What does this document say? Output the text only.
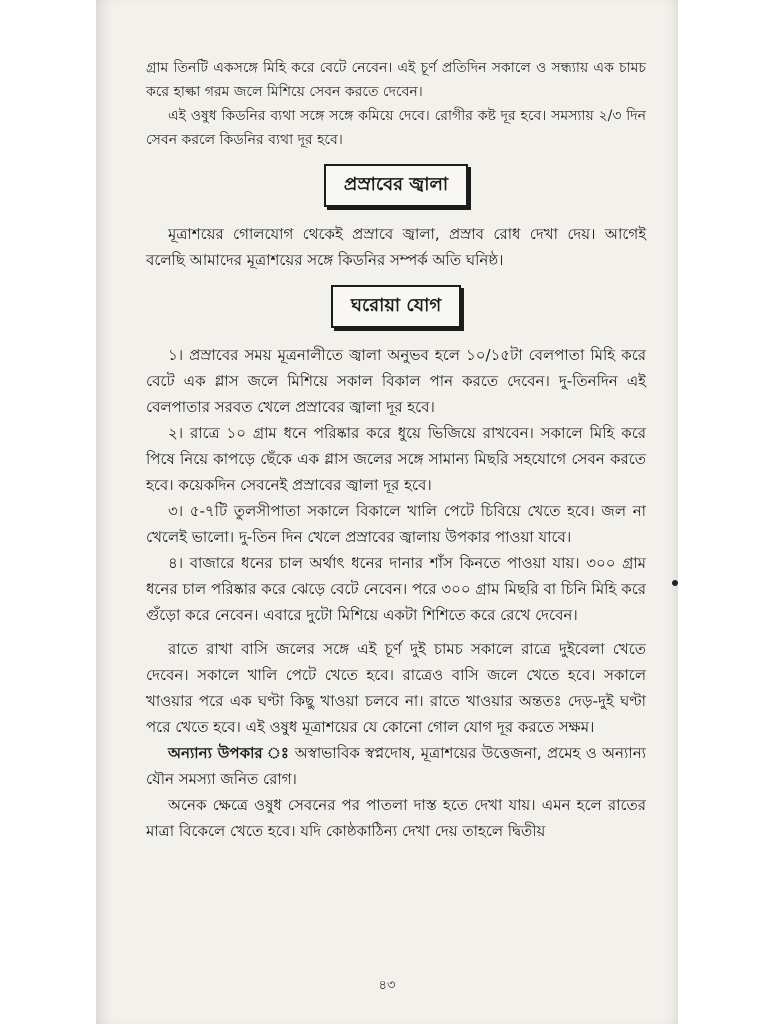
গ্রাম তিনটি একসঙ্গে মিহি করে বেটে নেবেন। এই চূর্ণ প্রতিদিন সকালে ও সন্ধ্যায় এক চামচ করে হাল্কা গরম জলে মিশিয়ে সেবন করতে দেবেন।

এই ওষুধ কিডনির ব্যথা সঙ্গে সঙ্গে কমিয়ে দেবে। রোগীর কষ্ট দূর হবে। সমস্যায় ২/৩ দিন সেবন করলে কিডনির ব্যথা দূর হবে।

প্রস্রাবের জ্বালা

মূত্রাশয়ের গোলযোগ থেকেই প্রস্রাবে জ্বালা, প্রস্রাব রোধ দেখা দেয়। আগেই বলেছি আমাদের মূত্রাশয়ের সঙ্গে কিডনির সম্পর্ক অতি ঘনিষ্ঠ।

ঘরোয়া যোগ

১। প্রস্রাবের সময় মূত্রনালীতে জ্বালা অনুভব হলে ১০/১৫টা বেলপাতা মিহি করে বেটে এক গ্লাস জলে মিশিয়ে সকাল বিকাল পান করতে দেবেন। দু-তিনদিন এই বেলপাতার সরবত খেলে প্রস্রাবের জ্বালা দূর হবে।

২। রাত্রে ১০ গ্রাম ধনে পরিষ্কার করে ধুয়ে ভিজিয়ে রাখবেন। সকালে মিহি করে পিষে নিয়ে কাপড়ে ছেঁকে এক গ্লাস জলের সঙ্গে সামান্য মিছরি সহযোগে সেবন করতে হবে। কয়েকদিন সেবনেই প্রস্রাবের জ্বালা দূর হবে।

৩। ৫-৭টি তুলসীপাতা সকালে বিকালে খালি পেটে চিবিয়ে খেতে হবে। জল না খেলেই ভালো। দু-তিন দিন খেলে প্রস্রাবের জ্বালায় উপকার পাওয়া যাবে।

৪। বাজারে ধনের চাল অর্থাৎ ধনের দানার শাঁস কিনতে পাওয়া যায়। ৩০০ গ্রাম ধনের চাল পরিষ্কার করে ঝেড়ে বেটে নেবেন। পরে ৩০০ গ্রাম মিছরি বা চিনি মিহি করে গুঁড়ো করে নেবেন। এবারে দুটো মিশিয়ে একটা শিশিতে করে রেখে দেবেন।

রাতে রাখা বাসি জলের সঙ্গে এই চূর্ণ দুই চামচ সকালে রাত্রে দুইবেলা খেতে দেবেন। সকালে খালি পেটে খেতে হবে। রাত্রেও বাসি জলে খেতে হবে। সকালে খাওয়ার পরে এক ঘণ্টা কিছু খাওয়া চলবে না। রাতে খাওয়ার অন্ততঃ দেড়-দুই ঘণ্টা পরে খেতে হবে। এই ওষুধ মূত্রাশয়ের যে কোনো গোল যোগ দূর করতে সক্ষম।

অন্যান্য উপকার ঃ অস্বাভাবিক স্বপ্নদোষ, মূত্রাশয়ের উত্তেজনা, প্রমেহ ও অন্যান্য যৌন সমস্যা জনিত রোগ।

অনেক ক্ষেত্রে ওষুধ সেবনের পর পাতলা দাস্ত হতে দেখা যায়। এমন হলে রাতের মাত্রা বিকেলে খেতে হবে। যদি কোষ্ঠকাঠিন্য দেখা দেয় তাহলে দ্বিতীয়

৪৩
